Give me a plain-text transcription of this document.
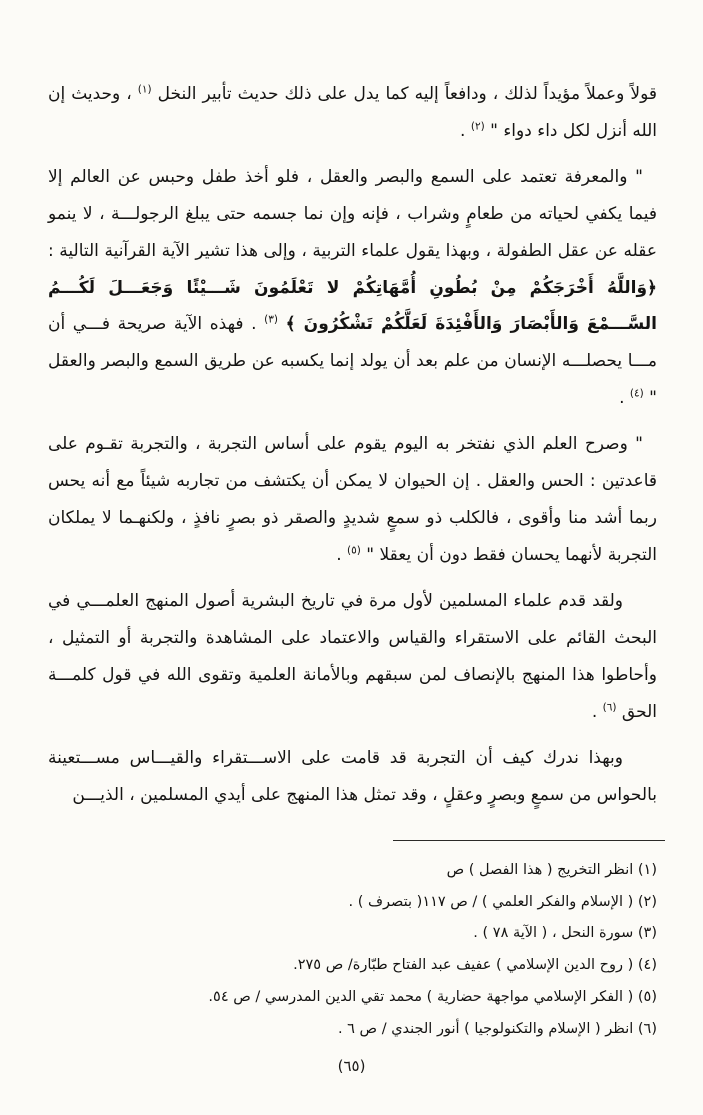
قولاً وعملاً مؤيداً لذلك ، ودافعاً إليه كما يدل على ذلك حديث تأبير النخل $^{(١)}$ ، وحديث إن الله أنزل لكل داء دواء " $^{(٢)}$ .

" والمعرفة تعتمد على السمع والبصر والعقل ، فلو أخذ طفل وحبس عن العالم إلا فيما يكفي لحياته من طعامٍ وشراب ، فإنه وإن نما جسمه حتى يبلغ الرجولـــة ، لا ينمو عقله عن عقل الطفولة ، وبهذا يقول علماء التربية ، وإلى هذا تشير الآية القرآنية التالية : ﴿وَاللَّهُ أَخْرَجَكُمْ مِنْ بُطُونِ أُمَّهَاتِكُمْ لا تَعْلَمُونَ شَـــيْئًا وَجَعَـــلَ لَكُـــمُ السَّـــمْعَ وَالأَبْصَارَ وَالأَفْئِدَةَ لَعَلَّكُمْ تَشْكُرُونَ ﴾ $^{(٣)}$ . فهذه الآية صريحة فـــي أن مـــا يحصلـــه الإنسان من علم بعد أن يولد إنما يكسبه عن طريق السمع والبصر والعقل " $^{(٤)}$ .

" وصرح العلم الذي نفتخر به اليوم يقوم على أساس التجربة ، والتجربة تقـوم على قاعدتين : الحس والعقل . إن الحيوان لا يمكن أن يكتشف من تجاربه شيئاً مع أنه يحس ربما أشد منا وأقوى ، فالكلب ذو سمعٍ شديدٍ والصقر ذو بصرٍ نافذٍ ، ولكنهـما لا يملكان التجربة لأنهما يحسان فقط دون أن يعقلا " $^{(٥)}$ .

ولقد قدم علماء المسلمين لأول مرة في تاريخ البشرية أصول المنهج العلمـــي في البحث القائم على الاستقراء والقياس والاعتماد على المشاهدة والتجربة أو التمثيل ، وأحاطوا هذا المنهج بالإنصاف لمن سبقهم وبالأمانة العلمية وتقوى الله في قول كلمـــة الحق $^{(٦)}$ .

وبهذا ندرك كيف أن التجربة قد قامت على الاســـتقراء والقيـــاس مســـتعينة بالحواس من سمعٍ وبصرٍ وعقلٍ ، وقد تمثل هذا المنهج على أيدي المسلمين ، الذيـــن

(١) انظر التخريج ( هذا الفصل ) ص
(٢) ( الإسلام والفكر العلمي ) / ص ١١٧( بتصرف ) .
(٣) سورة النحل ، ( الآية ٧٨ ) .
(٤) ( روح الدين الإسلامي ) عفيف عبد الفتاح طبّارة/ ص ٢٧٥.
(٥) ( الفكر الإسلامي مواجهة حضارية ) محمد تقي الدين المدرسي / ص ٥٤.
(٦) انظر ( الإسلام والتكنولوجيا ) أنور الجندي / ص ٦ .
(٦٥)
